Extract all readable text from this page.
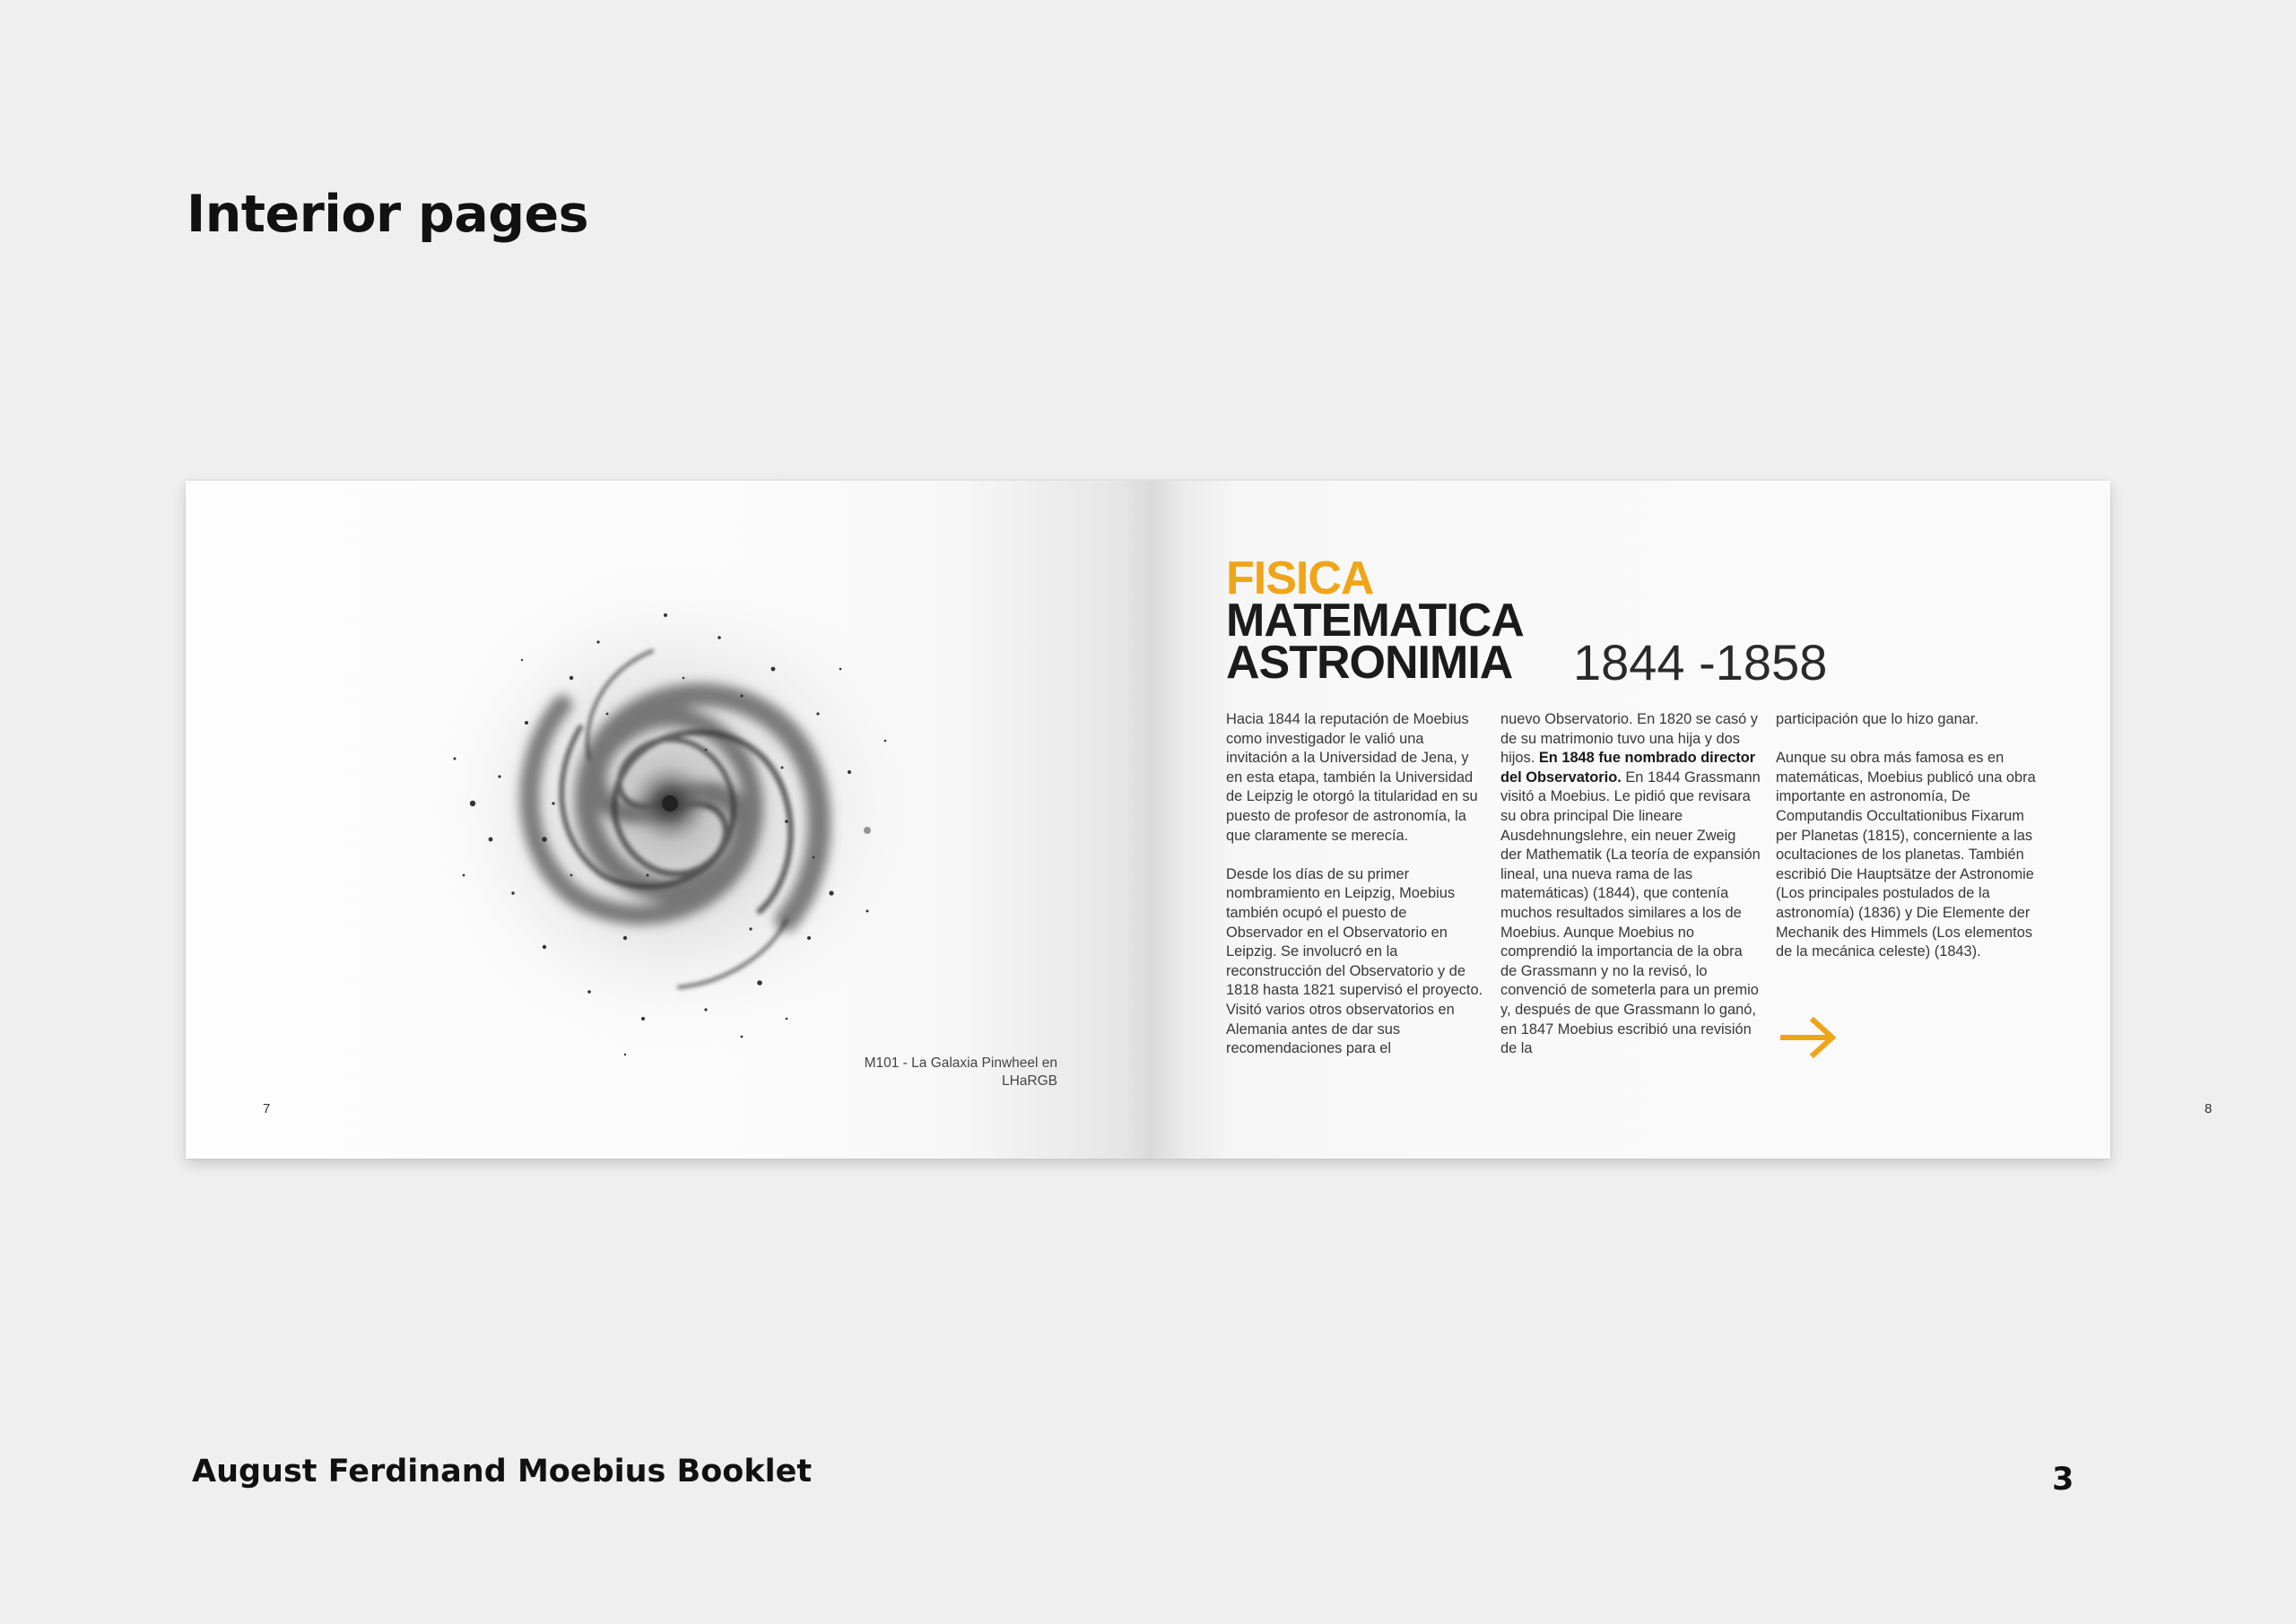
Interior pages
M101 - La Galaxia Pinwheel en LHaRGB
7
FISICA
MATEMATICA
ASTRONIMIA 1844 -1858

Hacia 1844 la reputación de Moebius como investigador le valió una invitación a la Universidad de Jena, y en esta etapa, también la Universidad de Leipzig le otorgó la titularidad en su puesto de profesor de astronomía, la que claramente se merecía.

Desde los días de su primer nombramiento en Leipzig, Moebius también ocupó el puesto de Observador en el Observatorio en Leipzig. Se involucró en la reconstrucción del Observatorio y de 1818 hasta 1821 supervisó el proyecto. Visitó varios otros observatorios en Alemania antes de dar sus recomendaciones para el

nuevo Observatorio. En 1820 se casó y de su matrimonio tuvo una hija y dos hijos. En 1848 fue nombrado director del Observatorio. En 1844 Grassmann visitó a Moebius. Le pidió que revisara su obra principal Die lineare Ausdehnungslehre, ein neuer Zweig der Mathematik (La teoría de expansión lineal, una nueva rama de las matemáticas) (1844), que contenía muchos resultados similares a los de Moebius. Aunque Moebius no comprendió la importancia de la obra de Grassmann y no la revisó, lo convenció de someterla para un premio y, después de que Grassmann lo ganó, en 1847 Moebius escribió una revisión de la

participación que lo hizo ganar.

Aunque su obra más famosa es en matemáticas, Moebius publicó una obra importante en astronomía, De Computandis Occultationibus Fixarum per Planetas (1815), concerniente a las ocultaciones de los planetas. También escribió Die Hauptsätze der Astronomie (Los principales postulados de la astronomía) (1836) y Die Elemente der Mechanik des Himmels (Los elementos de la mecánica celeste) (1843).

8
August Ferdinand Moebius Booklet	3
